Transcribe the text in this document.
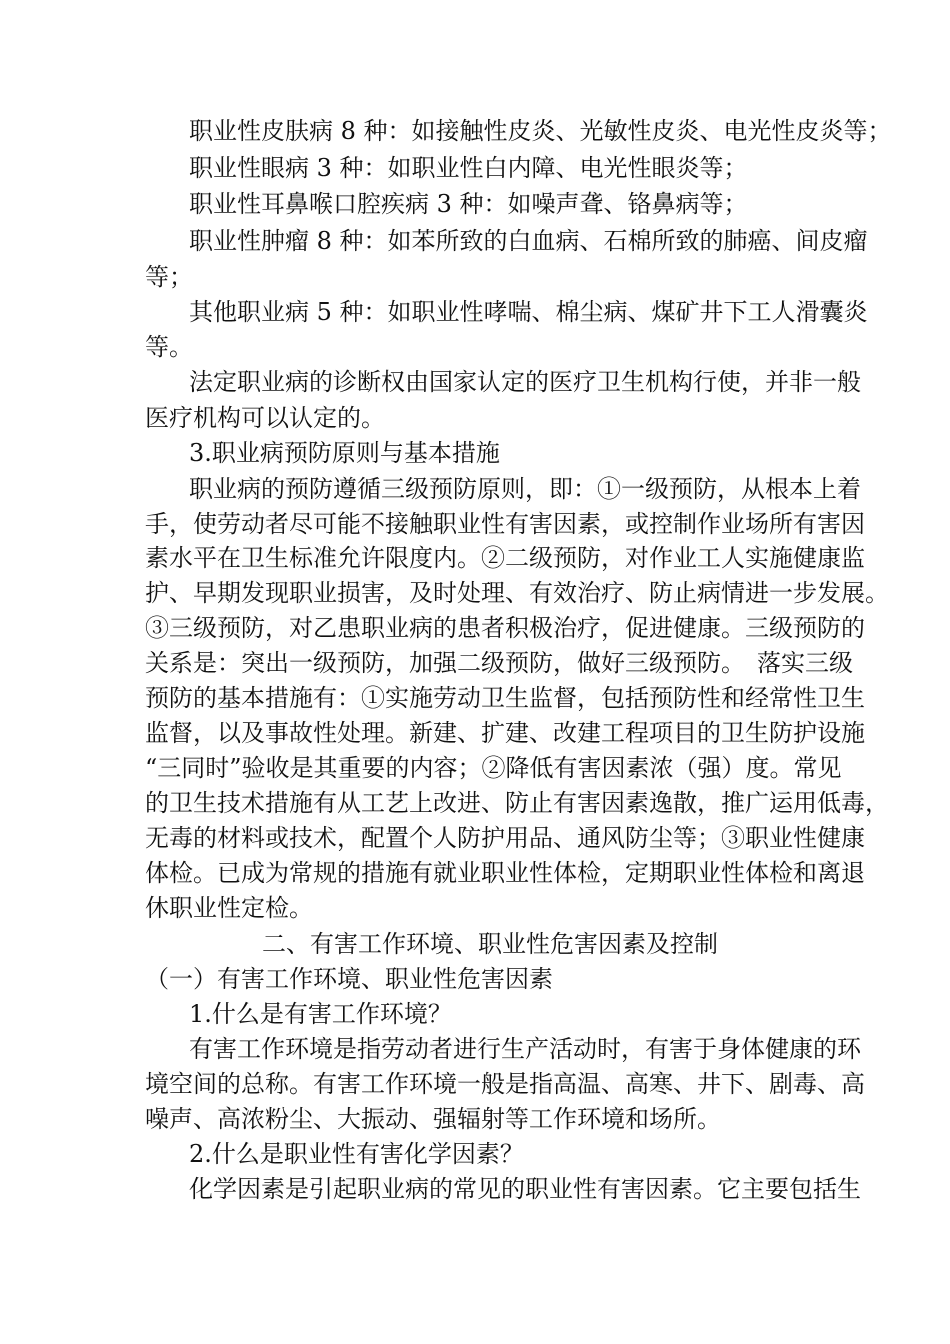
职业性皮肤病 8 种：如接触性皮炎、光敏性皮炎、电光性皮炎等；
职业性眼病 3 种：如职业性白内障、电光性眼炎等；
职业性耳鼻喉口腔疾病 3 种：如噪声聋、铬鼻病等；
职业性肿瘤 8 种：如苯所致的白血病、石棉所致的肺癌、间皮瘤
等；
其他职业病 5 种：如职业性哮喘、棉尘病、煤矿井下工人滑囊炎
等。
法定职业病的诊断权由国家认定的医疗卫生机构行使，并非一般
医疗机构可以认定的。
3.职业病预防原则与基本措施
职业病的预防遵循三级预防原则，即：①一级预防，从根本上着
手，使劳动者尽可能不接触职业性有害因素，或控制作业场所有害因
素水平在卫生标准允许限度内。②二级预防，对作业工人实施健康监
护、早期发现职业损害，及时处理、有效治疗、防止病情进一步发展。
③三级预防，对乙患职业病的患者积极治疗，促进健康。三级预防的
关系是：突出一级预防，加强二级预防，做好三级预防。　落实三级
预防的基本措施有：①实施劳动卫生监督，包括预防性和经常性卫生
监督，以及事故性处理。新建、扩建、改建工程项目的卫生防护设施
“三同时”验收是其重要的内容；②降低有害因素浓（强）度。常见
的卫生技术措施有从工艺上改进、防止有害因素逸散，推广运用低毒，
无毒的材料或技术，配置个人防护用品、通风防尘等；③职业性健康
体检。已成为常规的措施有就业职业性体检，定期职业性体检和离退
休职业性定检。
二、有害工作环境、职业性危害因素及控制
（一）有害工作环境、职业性危害因素
1.什么是有害工作环境？
有害工作环境是指劳动者进行生产活动时，有害于身体健康的环
境空间的总称。有害工作环境一般是指高温、高寒、井下、剧毒、高
噪声、高浓粉尘、大振动、强辐射等工作环境和场所。
2.什么是职业性有害化学因素？
化学因素是引起职业病的常见的职业性有害因素。它主要包括生
